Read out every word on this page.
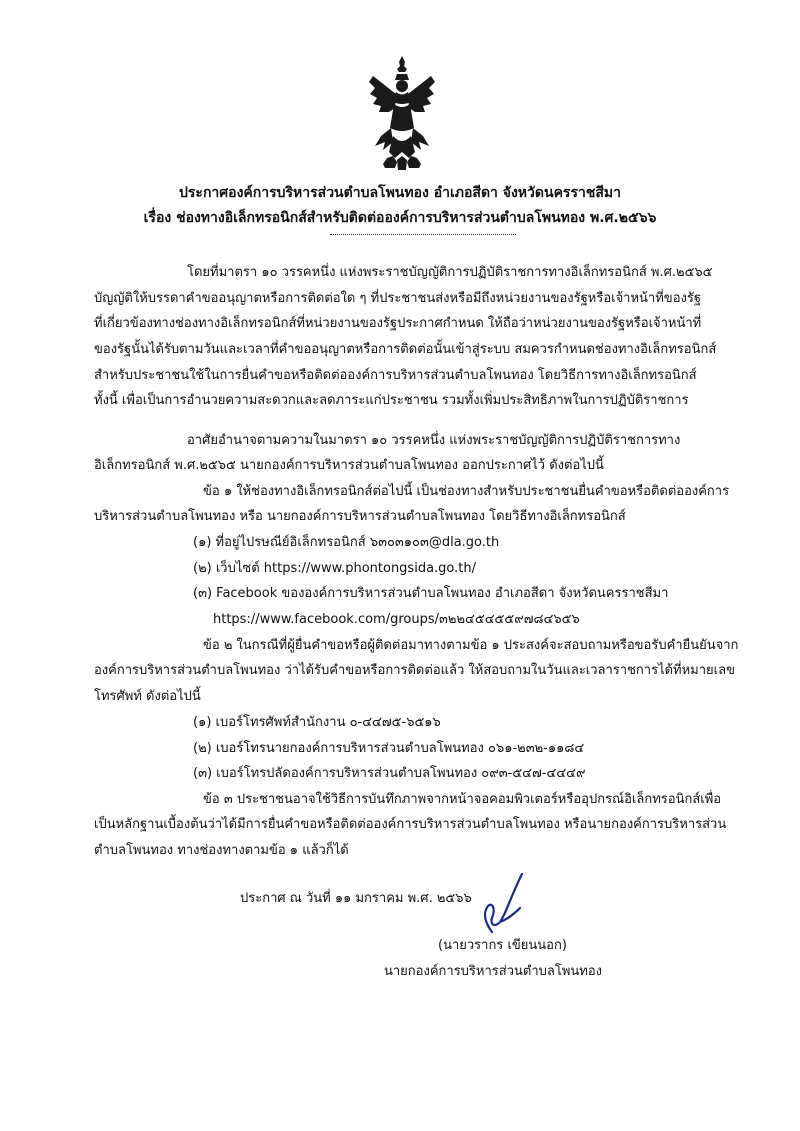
ประกาศองค์การบริหารส่วนตำบลโพนทอง อำเภอสีดา จังหวัดนครราชสีมา
เรื่อง ช่องทางอิเล็กทรอนิกส์สำหรับติดต่อองค์การบริหารส่วนตำบลโพนทอง พ.ศ.๒๕๖๖
โดยที่มาตรา ๑๐ วรรคหนึ่ง แห่งพระราชบัญญัติการปฏิบัติราชการทางอิเล็กทรอนิกส์ พ.ศ.๒๕๖๕
บัญญัติให้บรรดาคำขออนุญาตหรือการติดต่อใด ๆ ที่ประชาชนส่งหรือมีถึงหน่วยงานของรัฐหรือเจ้าหน้าที่ของรัฐ
ที่เกี่ยวข้องทางช่องทางอิเล็กทรอนิกส์ที่หน่วยงานของรัฐประกาศกำหนด ให้ถือว่าหน่วยงานของรัฐหรือเจ้าหน้าที่
ของรัฐนั้นได้รับตามวันและเวลาที่คำขออนุญาตหรือการติดต่อนั้นเข้าสู่ระบบ สมควรกำหนดช่องทางอิเล็กทรอนิกส์
สำหรับประชาชนใช้ในการยื่นคำขอหรือติดต่อองค์การบริหารส่วนตำบลโพนทอง โดยวิธีการทางอิเล็กทรอนิกส์
ทั้งนี้ เพื่อเป็นการอำนวยความสะดวกและลดภาระแก่ประชาชน รวมทั้งเพิ่มประสิทธิภาพในการปฏิบัติราชการ
อาศัยอำนาจตามความในมาตรา ๑๐ วรรคหนึ่ง แห่งพระราชบัญญัติการปฏิบัติราชการทาง
อิเล็กทรอนิกส์ พ.ศ.๒๕๖๕ นายกองค์การบริหารส่วนตำบลโพนทอง ออกประกาศไว้ ดังต่อไปนี้
ข้อ ๑ ให้ช่องทางอิเล็กทรอนิกส์ต่อไปนี้ เป็นช่องทางสำหรับประชาชนยื่นคำขอหรือติดต่อองค์การ
บริหารส่วนตำบลโพนทอง หรือ นายกองค์การบริหารส่วนตำบลโพนทอง โดยวิธีทางอิเล็กทรอนิกส์
(๑) ที่อยู่ไปรษณีย์อิเล็กทรอนิกส์ ๖๓๐๓๑๐๓@dla.go.th
(๒) เว็บไซต์ https://www.phontongsida.go.th/
(๓) Facebook ขององค์การบริหารส่วนตำบลโพนทอง อำเภอสีดา จังหวัดนครราชสีมา
https://www.facebook.com/groups/๓๒๒๔๕๔๕๕๙๗๘๔๖๕๖
ข้อ ๒ ในกรณีที่ผู้ยื่นคำขอหรือผู้ติดต่อมาทางตามข้อ ๑ ประสงค์จะสอบถามหรือขอรับคำยืนยันจาก
องค์การบริหารส่วนตำบลโพนทอง ว่าได้รับคำขอหรือการติดต่อแล้ว ให้สอบถามในวันและเวลาราชการได้ที่หมายเลข
โทรศัพท์ ดังต่อไปนี้
(๑) เบอร์โทรศัพท์สำนักงาน ๐-๔๔๗๕-๖๕๑๖
(๒) เบอร์โทรนายกองค์การบริหารส่วนตำบลโพนทอง ๐๖๑-๒๓๒-๑๑๘๔
(๓) เบอร์โทรปลัดองค์การบริหารส่วนตำบลโพนทอง ๐๙๓-๕๔๗-๔๔๔๙
ข้อ ๓ ประชาชนอาจใช้วิธีการบันทึกภาพจากหน้าจอคอมพิวเตอร์หรืออุปกรณ์อิเล็กทรอนิกส์เพื่อ
เป็นหลักฐานเบื้องต้นว่าได้มีการยื่นคำขอหรือติดต่อองค์การบริหารส่วนตำบลโพนทอง หรือนายกองค์การบริหารส่วน
ตำบลโพนทอง ทางช่องทางตามข้อ ๑ แล้วก็ได้
ประกาศ ณ วันที่ ๑๑ มกราคม พ.ศ. ๒๕๖๖
(นายวรากร เขียนนอก)
นายกองค์การบริหารส่วนตำบลโพนทอง
